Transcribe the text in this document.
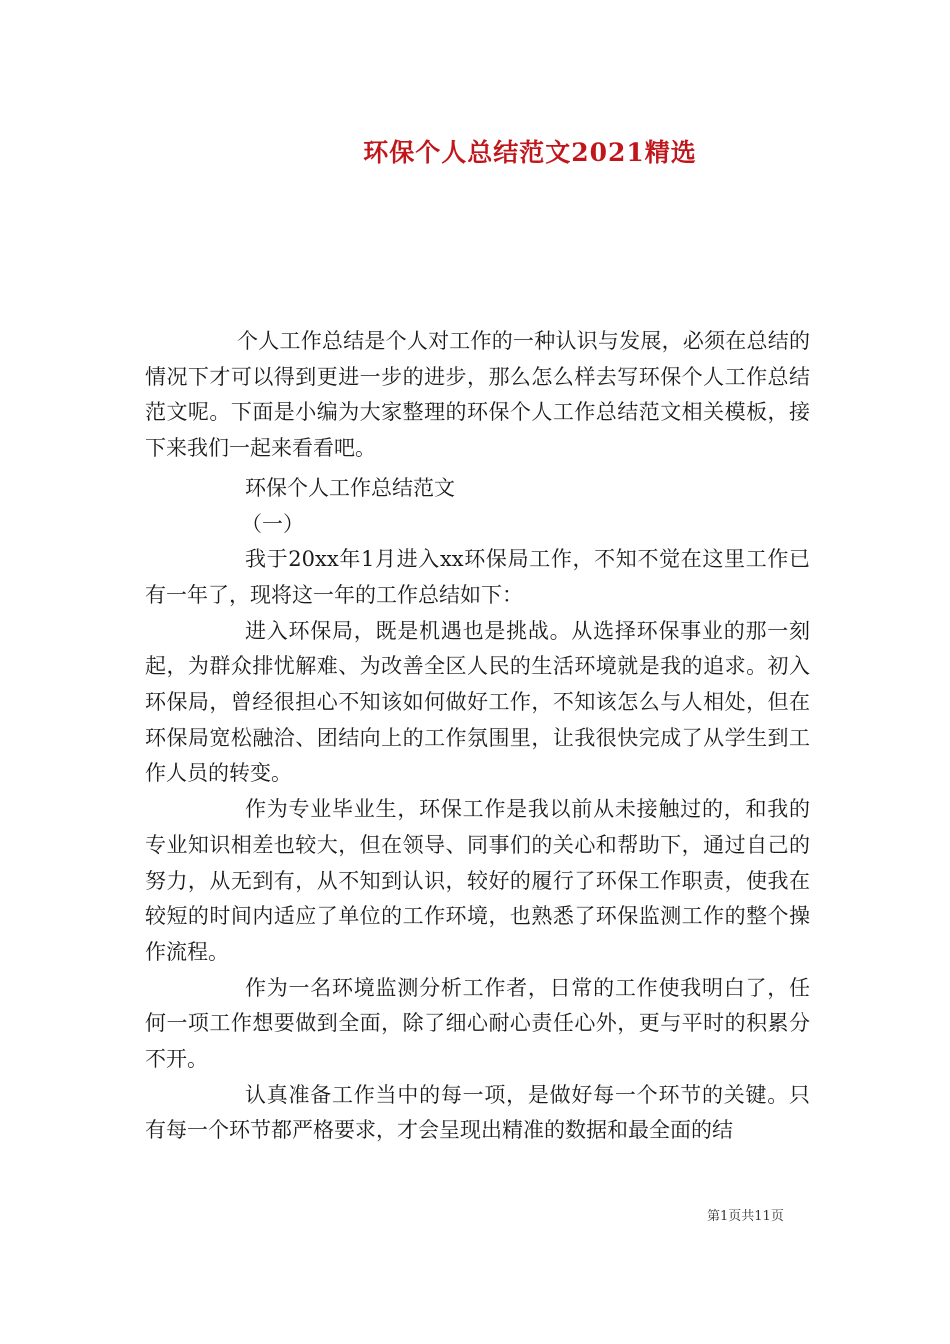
环保个人总结范文2021精选

个人工作总结是个人对工作的一种认识与发展，必须在总结的情况下才可以得到更进一步的进步，那么怎么样去写环保个人工作总结范文呢。下面是小编为大家整理的环保个人工作总结范文相关模板，接下来我们一起来看看吧。

环保个人工作总结范文

（一）

我于20xx年1月进入xx环保局工作，不知不觉在这里工作已有一年了，现将这一年的工作总结如下：

进入环保局，既是机遇也是挑战。从选择环保事业的那一刻起，为群众排忧解难、为改善全区人民的生活环境就是我的追求。初入环保局，曾经很担心不知该如何做好工作，不知该怎么与人相处，但在环保局宽松融洽、团结向上的工作氛围里，让我很快完成了从学生到工作人员的转变。

作为专业毕业生，环保工作是我以前从未接触过的，和我的专业知识相差也较大，但在领导、同事们的关心和帮助下，通过自己的努力，从无到有，从不知到认识，较好的履行了环保工作职责，使我在较短的时间内适应了单位的工作环境，也熟悉了环保监测工作的整个操作流程。

作为一名环境监测分析工作者，日常的工作使我明白了，任何一项工作想要做到全面，除了细心耐心责任心外，更与平时的积累分不开。

认真准备工作当中的每一项，是做好每一个环节的关键。只有每一个环节都严格要求，才会呈现出精准的数据和最全面的结

第1页共11页
